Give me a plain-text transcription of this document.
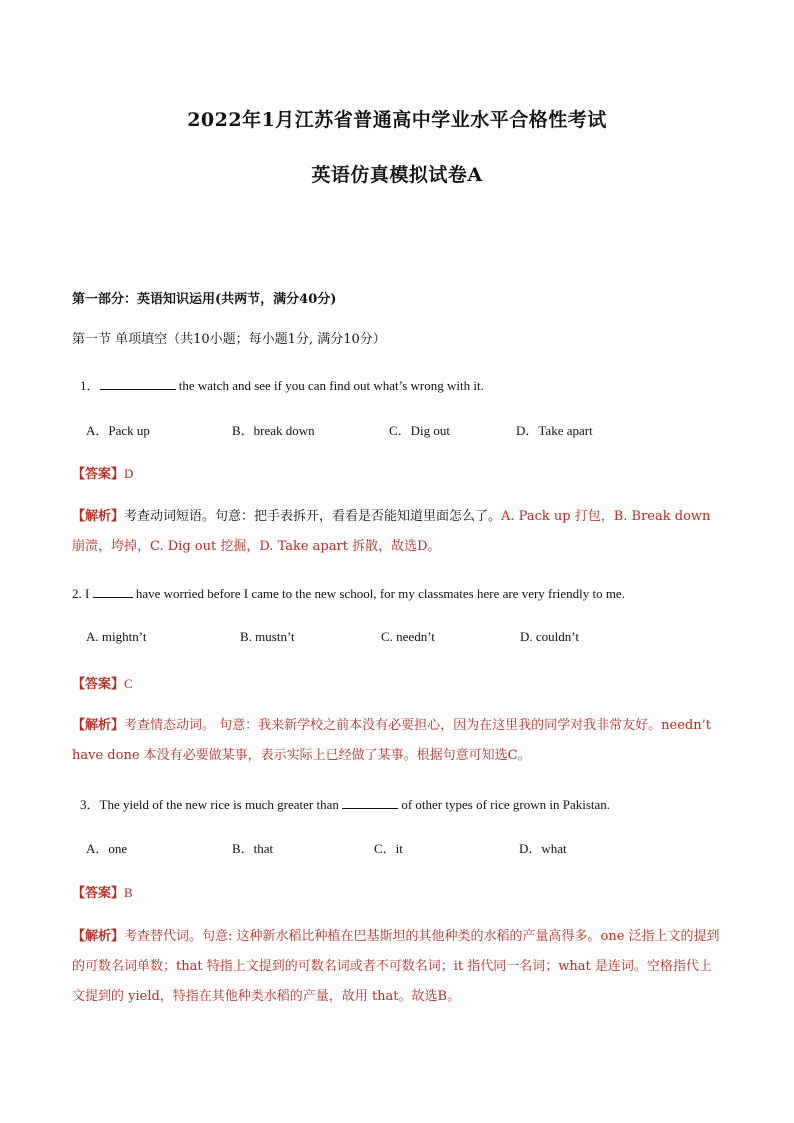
2022年1月江苏省普通高中学业水平合格性考试
英语仿真模拟试卷A
第一部分：英语知识运用(共两节，满分40分)
第一节 单项填空（共10小题；每小题1分, 满分10分）
1．	the watch and see if you can find out what’s wrong with it.
A．Pack up	B．break down	C．Dig out	D．Take apart
【答案】D
【解析】考查动词短语。句意：把手表拆开，看看是否能知道里面怎么了。A. Pack up 打包，B. Break down 崩溃，垮掉，C. Dig out 挖掘，D. Take apart 拆散，故选D。
2. I	have worried before I came to the new school, for my classmates here are very friendly to me.
A. mightn’t	B. mustn’t	C. needn’t	D. couldn’t
【答案】C
【解析】考查情态动词。 句意：我来新学校之前本没有必要担心，因为在这里我的同学对我非常友好。needn’t have done 本没有必要做某事，表示实际上已经做了某事。根据句意可知选C。
3．The yield of the new rice is much greater than	of other types of rice grown in Pakistan.
A．one	B．that	C．it	D．what
【答案】B
【解析】考查替代词。句意: 这种新水稻比种植在巴基斯坦的其他种类的水稻的产量高得多。one 泛指上文的提到的可数名词单数；that 特指上文提到的可数名词或者不可数名词；it 指代同一名词；what 是连词。空格指代上文提到的 yield，特指在其他种类水稻的产量，故用 that。故选B。
